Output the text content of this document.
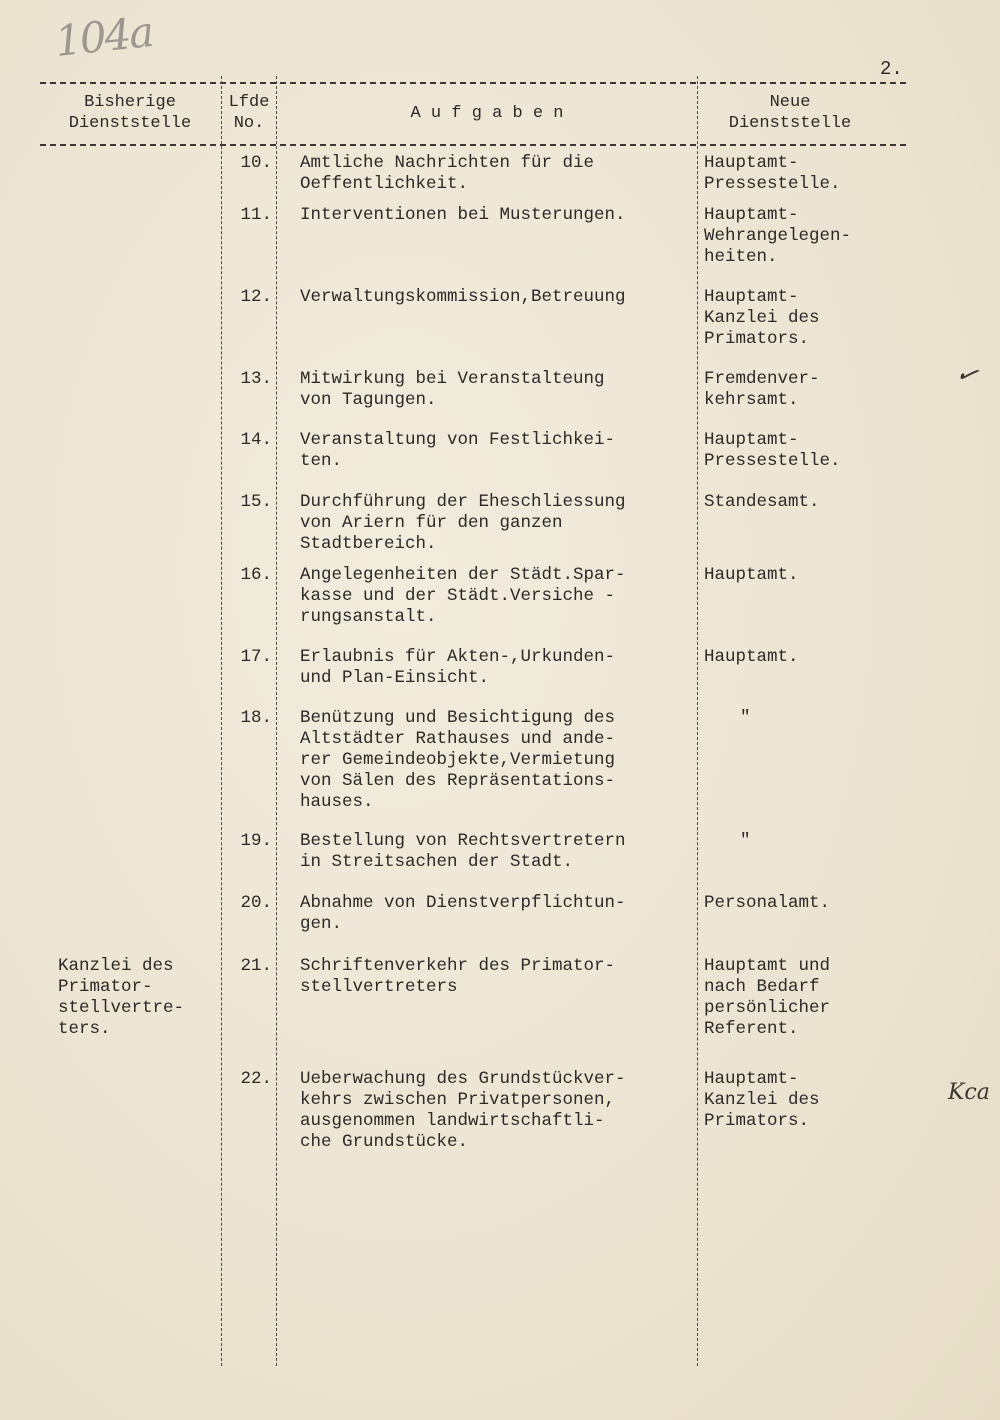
104a
2.
Bisherige
Dienststelle
Lfde
No.
A u f g a b e n
Neue
Dienststelle
10. Amtliche Nachrichten für die
Oeffentlichkeit.
Hauptamt-
Pressestelle.
11. Interventionen bei Musterungen.	Hauptamt-
Wehrangelegen-
heiten.
12. Verwaltungskommission,Betreuung	Hauptamt-
Kanzlei des
Primators.
13. Mitwirkung bei Veranstalteung
von Tagungen.
Fremdenver-
kehrsamt.
14. Veranstaltung von Festlichkei-
ten.
Hauptamt-
Pressestelle.
15. Durchführung der Eheschliessung
von Ariern für den ganzen
Stadtbereich.
Standesamt.
16. Angelegenheiten der Städt.Spar-
kasse und der Städt.Versiche -
rungsanstalt.
Hauptamt.
17. Erlaubnis für Akten-,Urkunden-
und Plan-Einsicht.
Hauptamt.
18. Benützung und Besichtigung des
Altstädter Rathauses und ande-
rer Gemeindeobjekte,Vermietung
von Sälen des Repräsentations-
hauses.
"
19. Bestellung von Rechtsvertretern
in Streitsachen der Stadt.
"
20. Abnahme von Dienstverpflichtun-
gen.
Personalamt.
Kanzlei des
Primator-
stellvertre-
ters.
21. Schriftenverkehr des Primator-
stellvertreters
Hauptamt und
nach Bedarf
persönlicher
Referent.
22. Ueberwachung des Grundstückver-
kehrs zwischen Privatpersonen,
ausgenommen landwirtschaftli-
che Grundstücke.
Hauptamt-
Kanzlei des
Primators.
✓
Kca
